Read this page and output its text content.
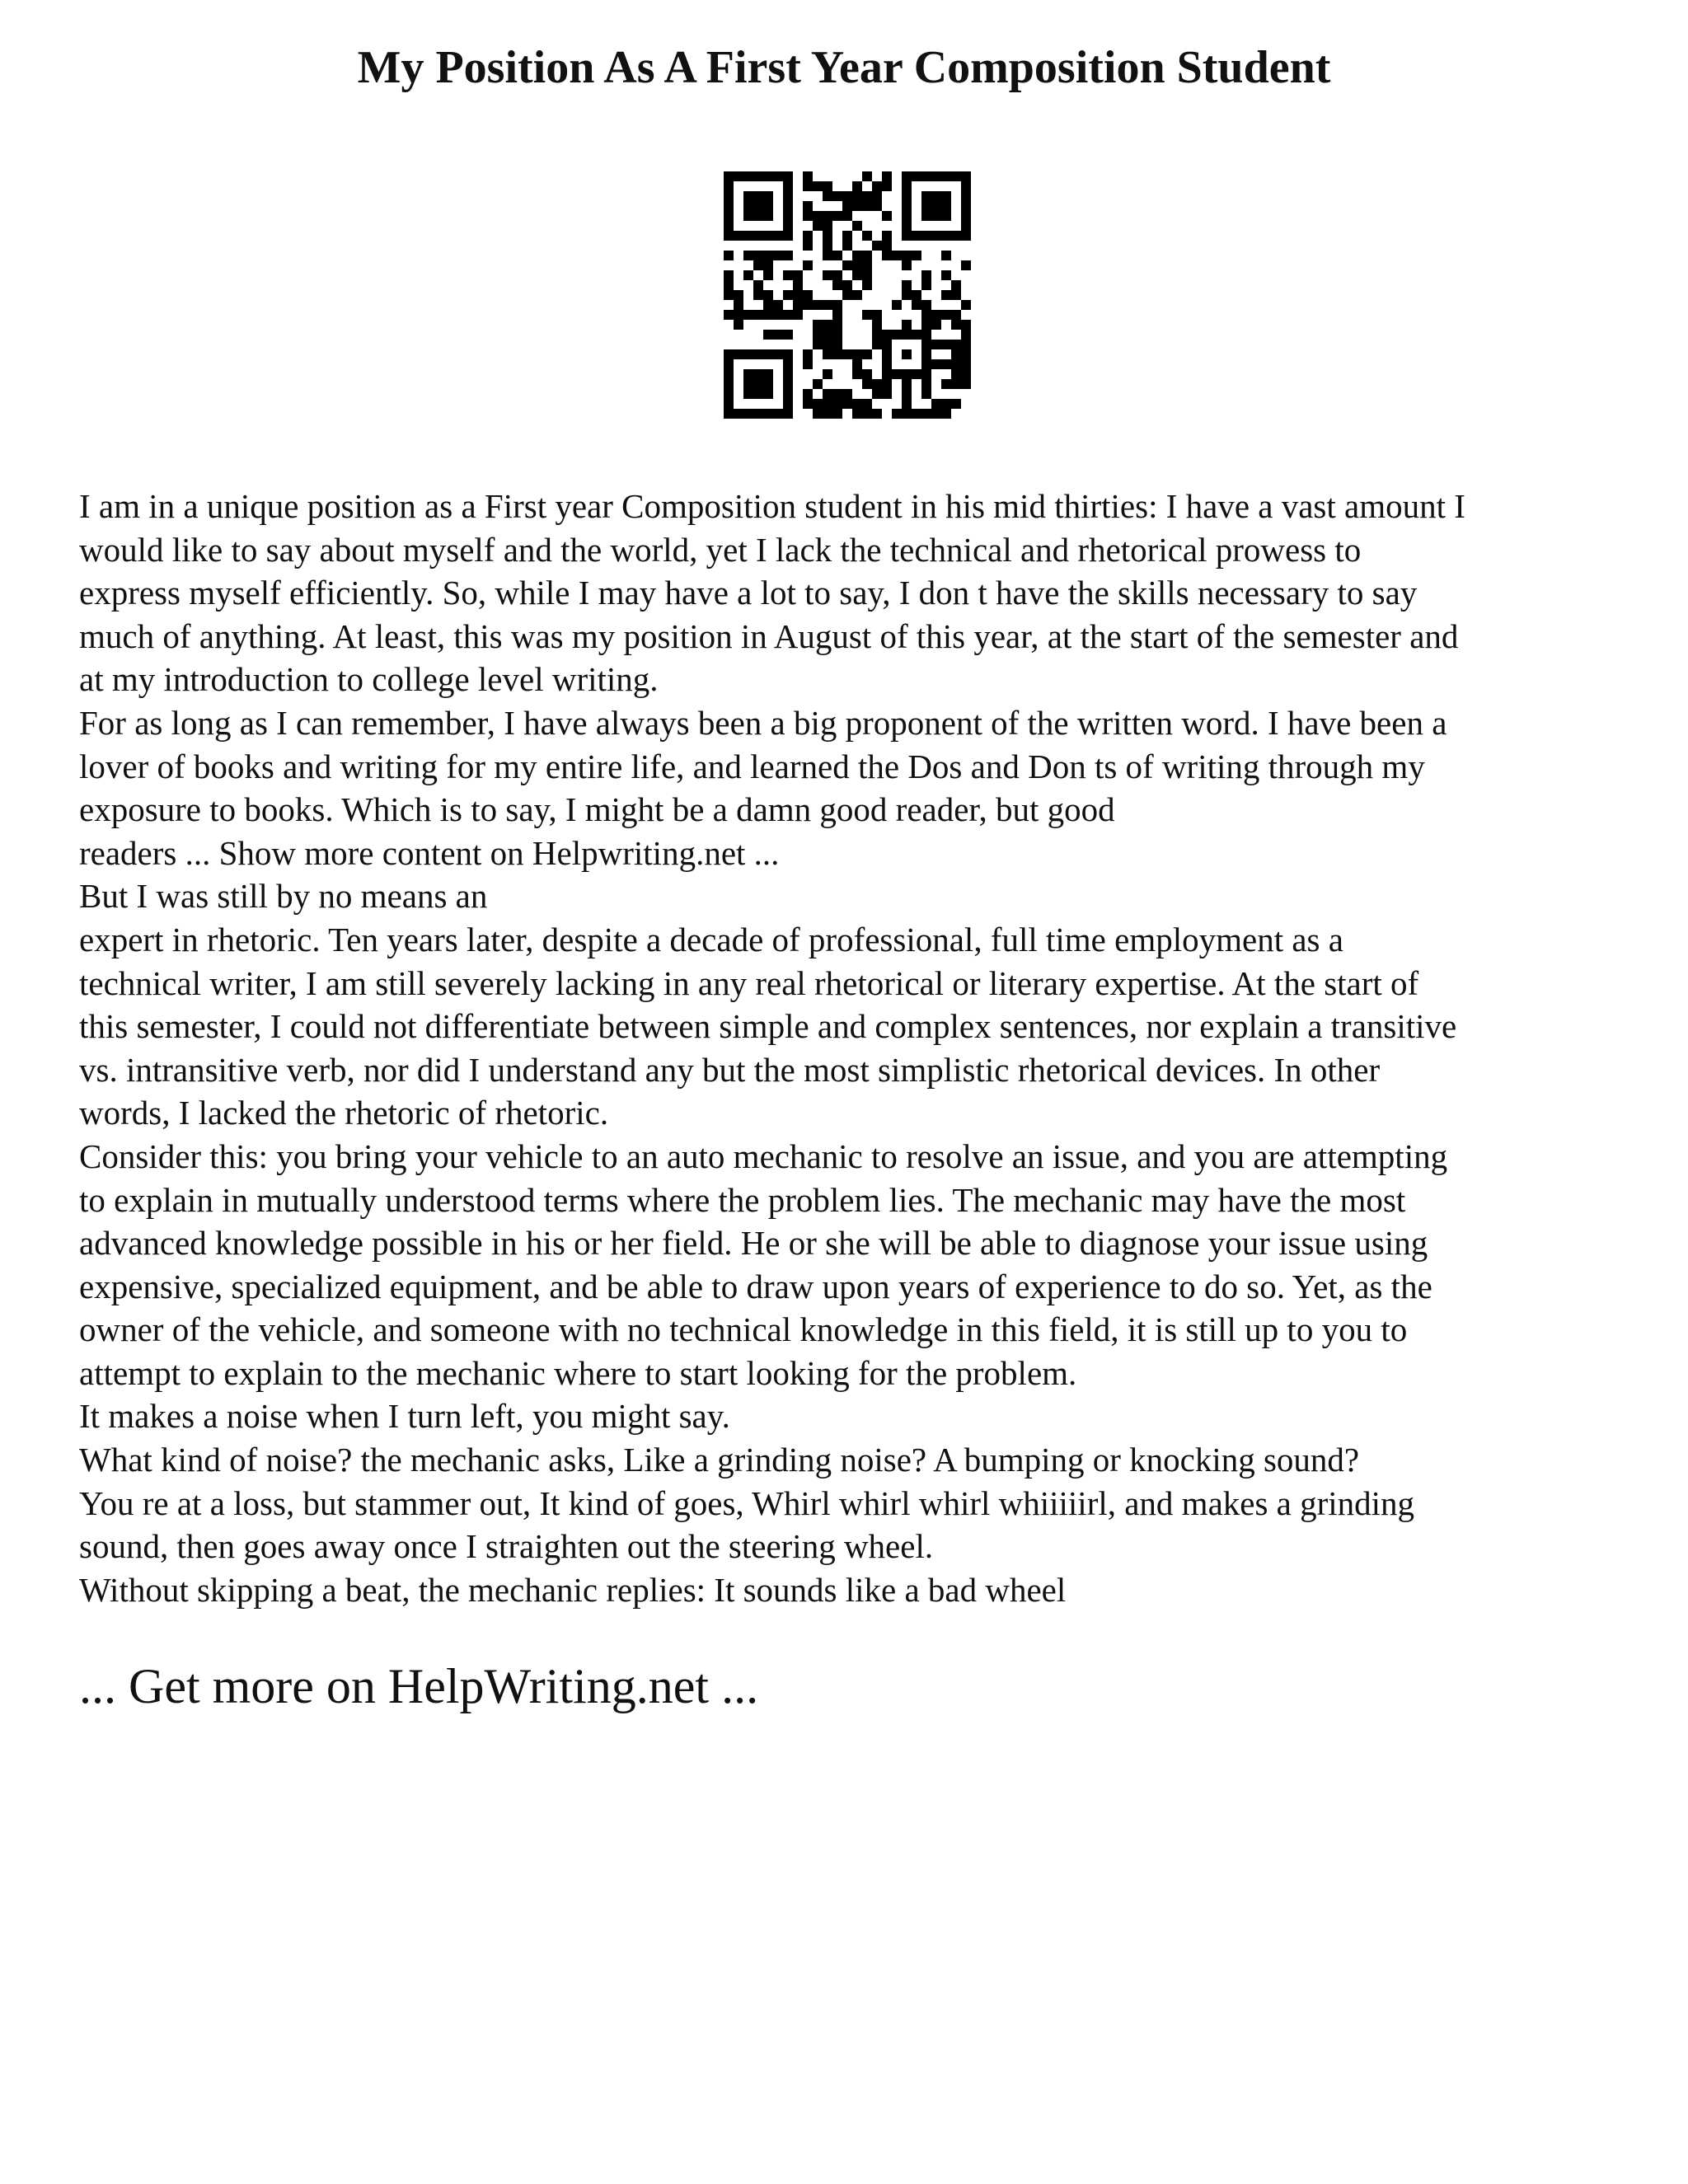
My Position As A First Year Composition Student
I am in a unique position as a First year Composition student in his mid thirties: I have a vast amount I
would like to say about myself and the world, yet I lack the technical and rhetorical prowess to
express myself efficiently. So, while I may have a lot to say, I don t have the skills necessary to say
much of anything. At least, this was my position in August of this year, at the start of the semester and
at my introduction to college level writing.
For as long as I can remember, I have always been a big proponent of the written word. I have been a
lover of books and writing for my entire life, and learned the Dos and Don ts of writing through my
exposure to books. Which is to say, I might be a damn good reader, but good
readers ... Show more content on Helpwriting.net ...
But I was still by no means an
expert in rhetoric. Ten years later, despite a decade of professional, full time employment as a
technical writer, I am still severely lacking in any real rhetorical or literary expertise. At the start of
this semester, I could not differentiate between simple and complex sentences, nor explain a transitive
vs. intransitive verb, nor did I understand any but the most simplistic rhetorical devices. In other
words, I lacked the rhetoric of rhetoric.
Consider this: you bring your vehicle to an auto mechanic to resolve an issue, and you are attempting
to explain in mutually understood terms where the problem lies. The mechanic may have the most
advanced knowledge possible in his or her field. He or she will be able to diagnose your issue using
expensive, specialized equipment, and be able to draw upon years of experience to do so. Yet, as the
owner of the vehicle, and someone with no technical knowledge in this field, it is still up to you to
attempt to explain to the mechanic where to start looking for the problem.
It makes a noise when I turn left, you might say.
What kind of noise? the mechanic asks, Like a grinding noise? A bumping or knocking sound?
You re at a loss, but stammer out, It kind of goes, Whirl whirl whirl whiiiiirl, and makes a grinding
sound, then goes away once I straighten out the steering wheel.
Without skipping a beat, the mechanic replies: It sounds like a bad wheel
... Get more on HelpWriting.net ...
